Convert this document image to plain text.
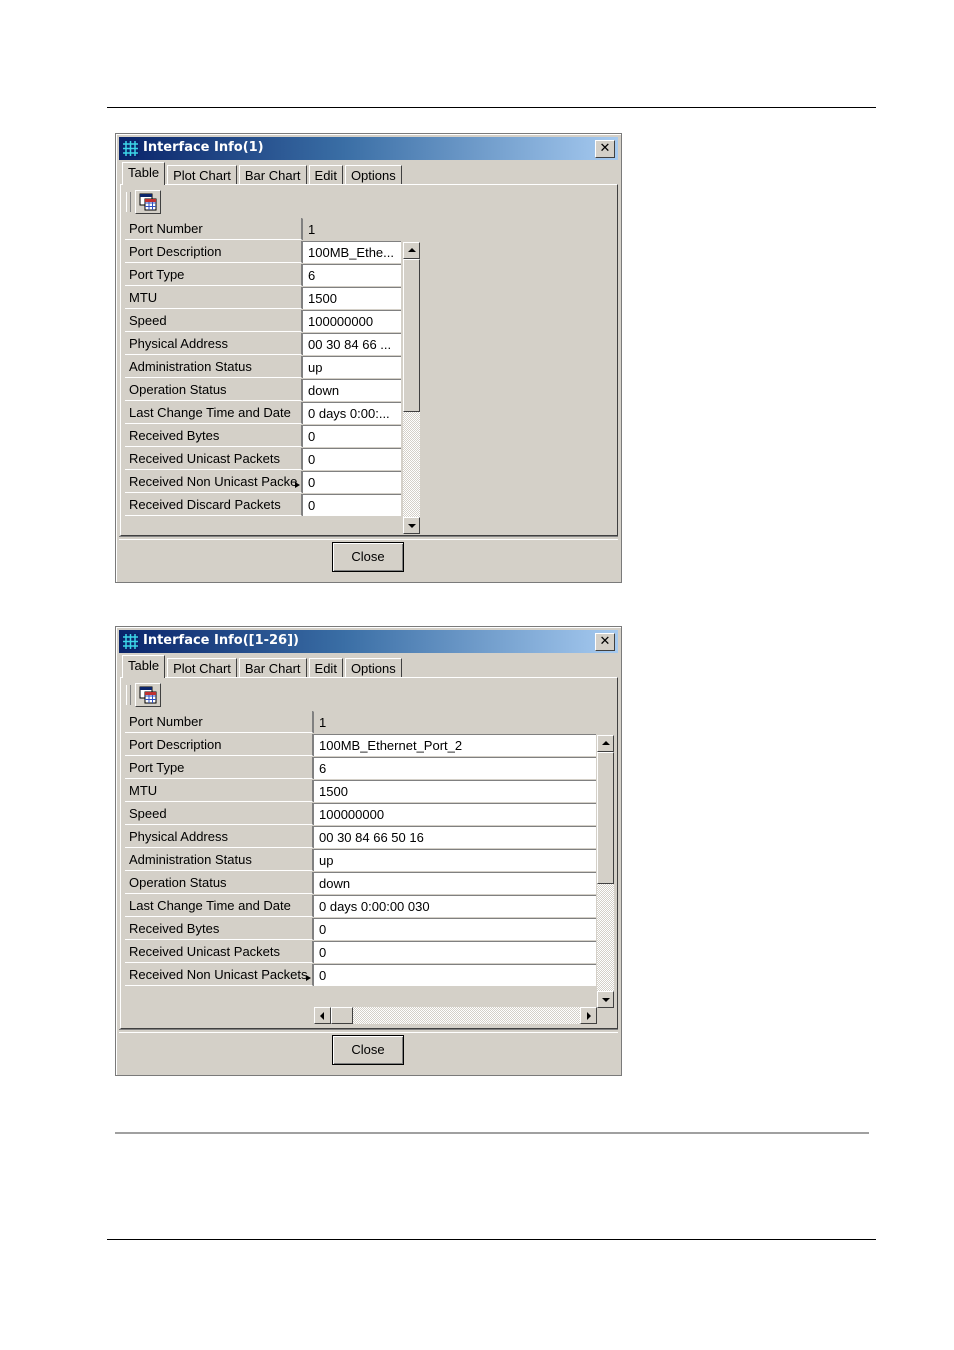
Interface Info(1)	✕
Table	Plot Chart	Bar Chart	Edit	Options
Port Number	1
Port Description	100MB_Ethe...
Port Type	6
MTU	1500
Speed	100000000
Physical Address	00 30 84 66 ...
Administration Status	up
Operation Status	down
Last Change Time and Date	0 days 0:00:...
Received Bytes	0
Received Unicast Packets	0
Received Non Unicast Packe 0
Received Discard Packets	0
Close
Interface Info([1-26])	✕
Table	Plot Chart	Bar Chart	Edit	Options
Port Number	1
Port Description	100MB_Ethernet_Port_2
Port Type	6
MTU	1500
Speed	100000000
Physical Address	00 30 84 66 50 16
Administration Status	up
Operation Status	down
Last Change Time and Date	0 days 0:00:00 030
Received Bytes	0
Received Unicast Packets	0
Received Non Unicast Packets 0
Close
